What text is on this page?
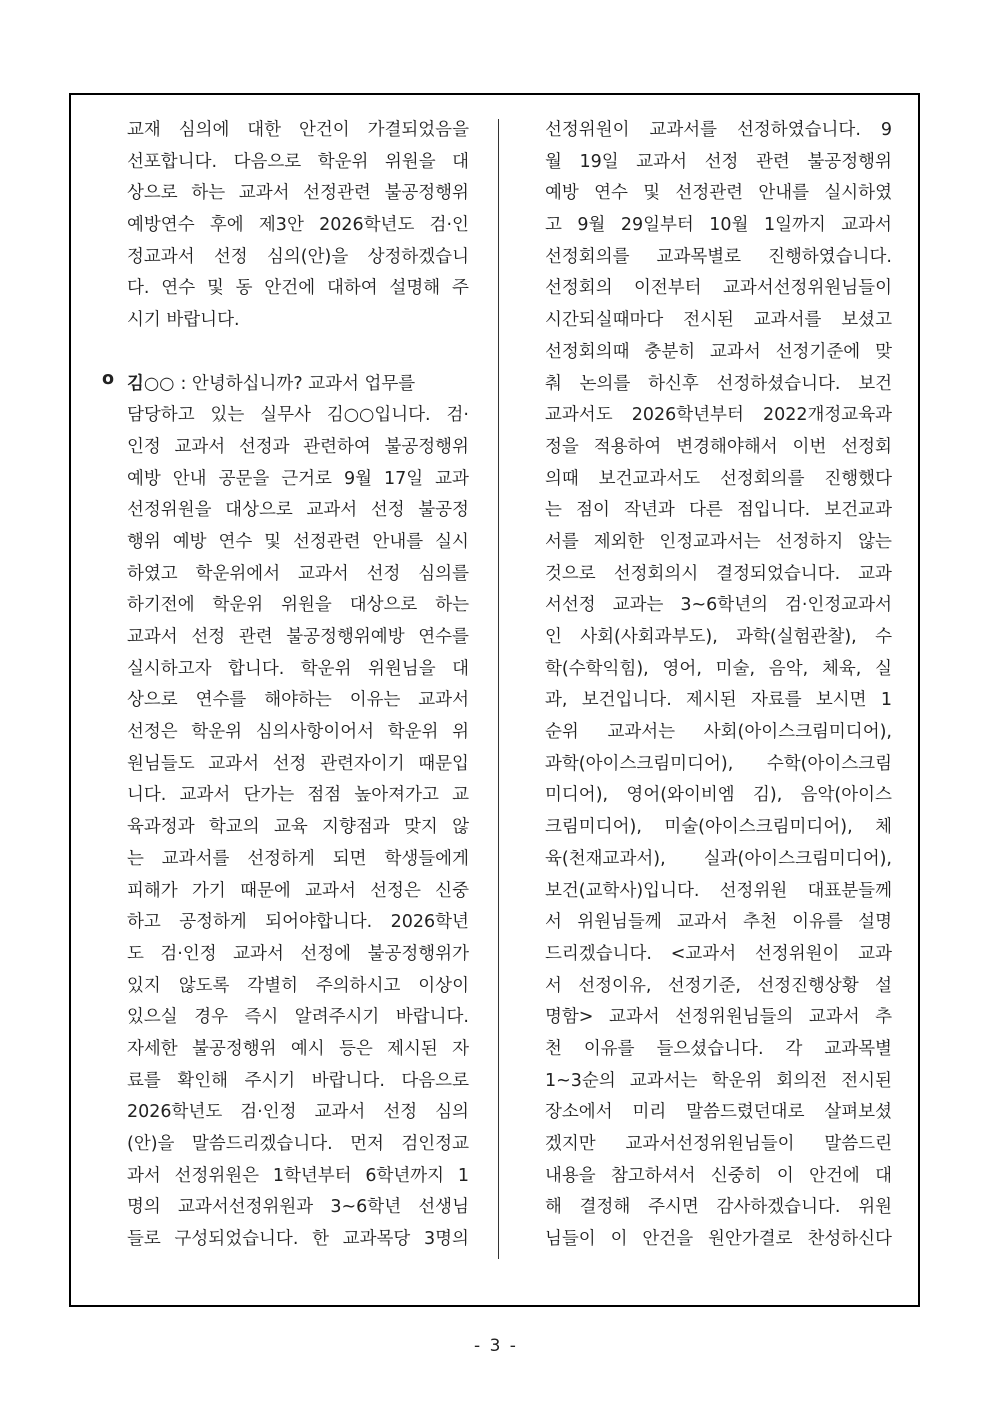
교재 심의에 대한 안건이 가결되었음을
선포합니다. 다음으로 학운위 위원을 대
상으로 하는 교과서 선정관련 불공정행위
예방연수 후에 제3안 2026학년도 검·인
정교과서 선정 심의(안)을 상정하겠습니
다. 연수 및 동 안건에 대하여 설명해 주
시기 바랍니다.
o 김○○ : 안녕하십니까? 교과서 업무를
담당하고 있는 실무사 김○○입니다. 검·
인정 교과서 선정과 관련하여 불공정행위
예방 안내 공문을 근거로 9월 17일 교과
선정위원을 대상으로 교과서 선정 불공정
행위 예방 연수 및 선정관련 안내를 실시
하였고 학운위에서 교과서 선정 심의를
하기전에 학운위 위원을 대상으로 하는
교과서 선정 관련 불공정행위예방 연수를
실시하고자 합니다. 학운위 위원님을 대
상으로 연수를 해야하는 이유는 교과서
선정은 학운위 심의사항이어서 학운위 위
원님들도 교과서 선정 관련자이기 때문입
니다. 교과서 단가는 점점 높아져가고 교
육과정과 학교의 교육 지향점과 맞지 않
는 교과서를 선정하게 되면 학생들에게
피해가 가기 때문에 교과서 선정은 신중
하고 공정하게 되어야합니다. 2026학년
도 검·인정 교과서 선정에 불공정행위가
있지 않도록 각별히 주의하시고 이상이
있으실 경우 즉시 알려주시기 바랍니다.
자세한 불공정행위 예시 등은 제시된 자
료를 확인해 주시기 바랍니다. 다음으로
2026학년도 검·인정 교과서 선정 심의
(안)을 말씀드리겠습니다. 먼저 검인정교
과서 선정위원은 1학년부터 6학년까지 1
명의 교과서선정위원과 3~6학년 선생님
들로 구성되었습니다. 한 교과목당 3명의
선정위원이 교과서를 선정하였습니다. 9
월 19일 교과서 선정 관련 불공정행위
예방 연수 및 선정관련 안내를 실시하였
고 9월 29일부터 10월 1일까지 교과서
선정회의를 교과목별로 진행하였습니다.
선정회의 이전부터 교과서선정위원님들이
시간되실때마다 전시된 교과서를 보셨고
선정회의때 충분히 교과서 선정기준에 맞
춰 논의를 하신후 선정하셨습니다. 보건
교과서도 2026학년부터 2022개정교육과
정을 적용하여 변경해야해서 이번 선정회
의때 보건교과서도 선정회의를 진행했다
는 점이 작년과 다른 점입니다. 보건교과
서를 제외한 인정교과서는 선정하지 않는
것으로 선정회의시 결정되었습니다. 교과
서선정 교과는 3~6학년의 검·인정교과서
인 사회(사회과부도), 과학(실험관찰), 수
학(수학익힘), 영어, 미술, 음악, 체육, 실
과, 보건입니다. 제시된 자료를 보시면 1
순위 교과서는 사회(아이스크림미디어),
과학(아이스크림미디어), 수학(아이스크림
미디어), 영어(와이비엠 김), 음악(아이스
크림미디어), 미술(아이스크림미디어), 체
육(천재교과서), 실과(아이스크림미디어),
보건(교학사)입니다. 선정위원 대표분들께
서 위원님들께 교과서 추천 이유를 설명
드리겠습니다. <교과서 선정위원이 교과
서 선정이유, 선정기준, 선정진행상황 설
명함> 교과서 선정위원님들의 교과서 추
천 이유를 들으셨습니다. 각 교과목별
1~3순의 교과서는 학운위 회의전 전시된
장소에서 미리 말씀드렸던대로 살펴보셨
겠지만 교과서선정위원님들이 말씀드린
내용을 참고하셔서 신중히 이 안건에 대
해 결정해 주시면 감사하겠습니다. 위원
님들이 이 안건을 원안가결로 찬성하신다
- 3 -
